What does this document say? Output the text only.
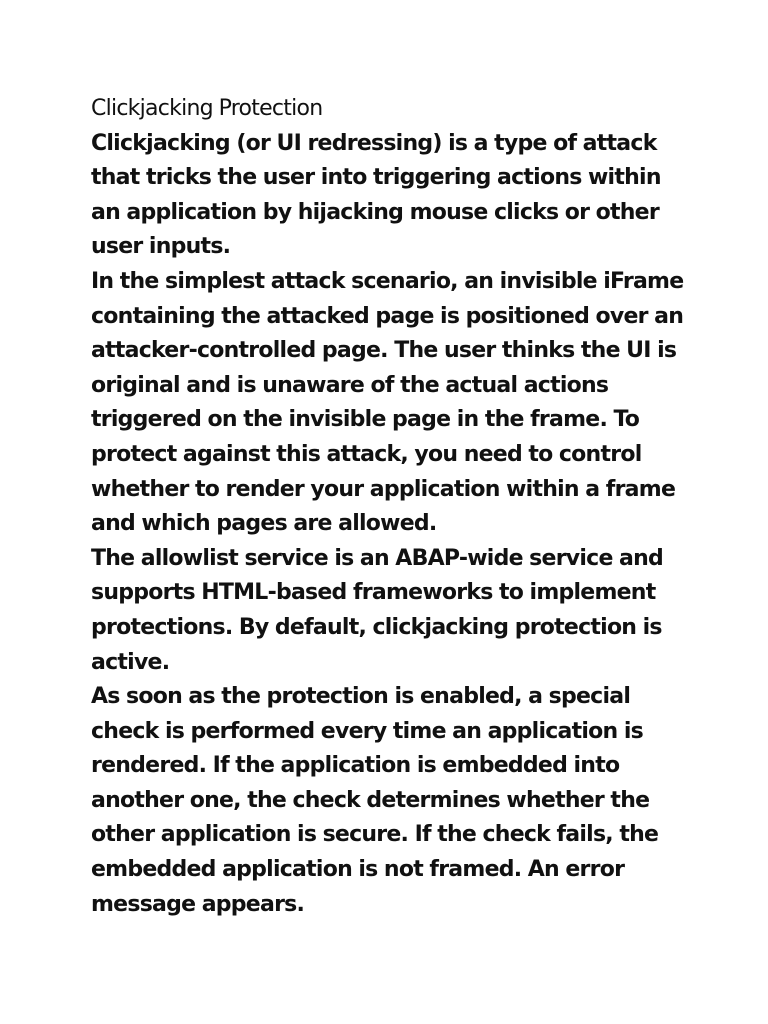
Clickjacking Protection
Clickjacking (or UI redressing) is a type of attack that tricks the user into triggering actions within an application by hijacking mouse clicks or other user inputs.
In the simplest attack scenario, an invisible iFrame containing the attacked page is positioned over an attacker-controlled page. The user thinks the UI is original and is unaware of the actual actions triggered on the invisible page in the frame. To protect against this attack, you need to control whether to render your application within a frame and which pages are allowed.
The allowlist service is an ABAP-wide service and supports HTML-based frameworks to implement protections. By default, clickjacking protection is active.
As soon as the protection is enabled, a special check is performed every time an application is rendered. If the application is embedded into another one, the check determines whether the other application is secure. If the check fails, the embedded application is not framed. An error message appears.
